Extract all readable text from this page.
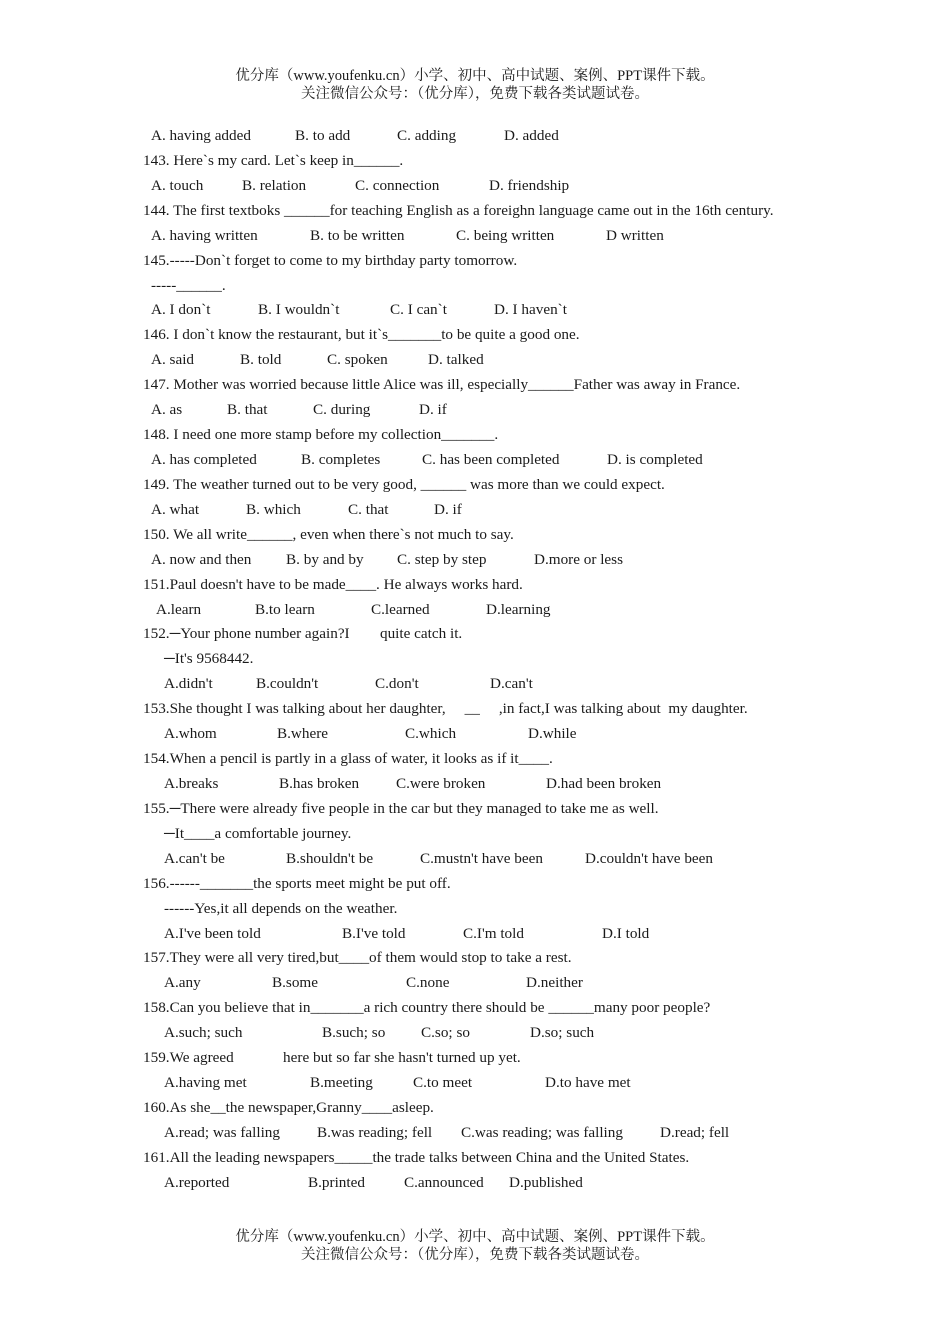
优分库（www.youfenku.cn）小学、初中、高中试题、案例、PPT课件下载。
关注微信公众号：（优分库），免费下载各类试题试卷。
A. having added	B. to add	C. adding	D. added
143. Here`s my card. Let`s keep in______.
A. touch	B. relation	C. connection	D. friendship
144. The first textboks ______for teaching English as a foreighn language came out in the 16th century.
A. having written	B. to be written	C. being written	D written
145.-----Don`t forget to come to my birthday party tomorrow.
-----______.
A. I don`t	B. I wouldn`t	C. I can`t	D. I haven`t
146. I don`t know the restaurant, but it`s_______to be quite a good one.
A. said	B. told	C. spoken	D. talked
147. Mother was worried because little Alice was ill, especially______Father was away in France.
A. as	B. that	C. during	D. if
148. I need one more stamp before my collection_______.
A. has completed	B. completes	C. has been completed	D. is completed
149. The weather turned out to be very good, ______ was more than we could expect.
A. what	B. which	C. that	D. if
150. We all write______, even when there`s not much to say.
A. now and then B. by and by C. step by step	D.more or less
151.Paul doesn't have to be made____. He always works hard.
A.learn	B.to learn	C.learned	D.learning
152.─Your phone number again?I        quite catch it.
─It's 9568442.
A.didn't	B.couldn't	C.don't	D.can't
153.She thought I was talking about her daughter,     __     ,in fact,I was talking about  my daughter.
A.whom	B.where	C.which	D.while
154.When a pencil is partly in a glass of water, it looks as if it____.
A.breaks	B.has broken C.were broken	D.had been broken
155.─There were already five people in the car but they managed to take me as well.
─It____a comfortable journey.
A.can't be	B.shouldn't be	C.mustn't have been	D.couldn't have been
156.------_______the sports meet might be put off.
------Yes,it all depends on the weather.
A.I've been told	B.I've told	C.I'm told	D.I told
157.They were all very tired,but____of them would stop to take a rest.
A.any	B.some	C.none	D.neither
158.Can you believe that in_______a rich country there should be ______many poor people?
A.such; such	B.such; so C.so; so	D.so; such
159.We agreed             here but so far she hasn't turned up yet.
A.having met	B.meeting	C.to meet	D.to have met
160.As she__the newspaper,Granny____asleep.
A.read; was falling B.was reading; fell C.was reading; was falling D.read; fell
161.All the leading newspapers_____the trade talks between China and the United States.
A.reported	B.printed	C.announced D.published
优分库（www.youfenku.cn）小学、初中、高中试题、案例、PPT课件下载。
关注微信公众号：（优分库），免费下载各类试题试卷。
